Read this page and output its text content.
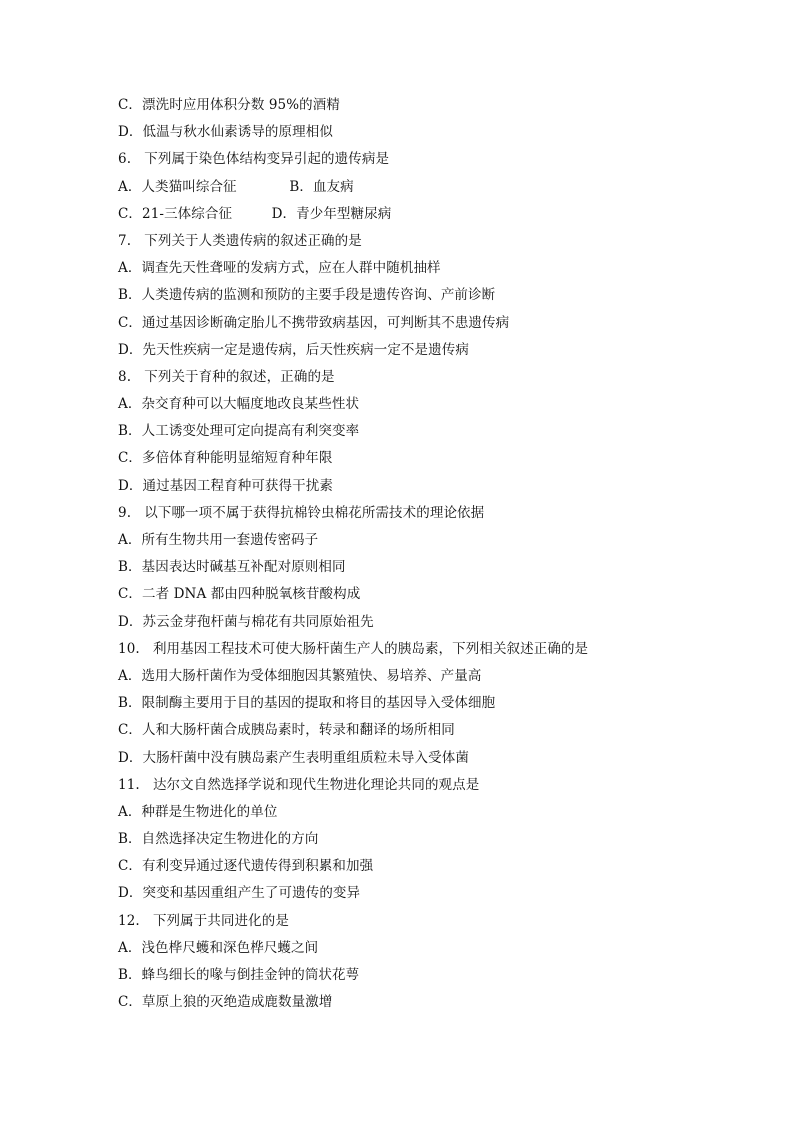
C．漂洗时应用体积分数 95%的酒精
D．低温与秋水仙素诱导的原理相似
6.   下列属于染色体结构变异引起的遗传病是
A．人类猫叫综合征            B．血友病
C．21-三体综合征         D．青少年型糖尿病
7.   下列关于人类遗传病的叙述正确的是
A．调查先天性聋哑的发病方式，应在人群中随机抽样
B．人类遗传病的监测和预防的主要手段是遗传咨询、产前诊断
C．通过基因诊断确定胎儿不携带致病基因，可判断其不患遗传病
D．先天性疾病一定是遗传病，后天性疾病一定不是遗传病
8.   下列关于育种的叙述，正确的是
A．杂交育种可以大幅度地改良某些性状
B．人工诱变处理可定向提高有利突变率
C．多倍体育种能明显缩短育种年限
D．通过基因工程育种可获得干扰素
9.   以下哪一项不属于获得抗棉铃虫棉花所需技术的理论依据
A．所有生物共用一套遗传密码子
B．基因表达时碱基互补配对原则相同
C．二者 DNA 都由四种脱氧核苷酸构成
D．苏云金芽孢杆菌与棉花有共同原始祖先
10.   利用基因工程技术可使大肠杆菌生产人的胰岛素，下列相关叙述正确的是
A．选用大肠杆菌作为受体细胞因其繁殖快、易培养、产量高
B．限制酶主要用于目的基因的提取和将目的基因导入受体细胞
C．人和大肠杆菌合成胰岛素时，转录和翻译的场所相同
D．大肠杆菌中没有胰岛素产生表明重组质粒未导入受体菌
11.   达尔文自然选择学说和现代生物进化理论共同的观点是
A．种群是生物进化的单位
B．自然选择决定生物进化的方向
C．有利变异通过逐代遗传得到积累和加强
D．突变和基因重组产生了可遗传的变异
12.   下列属于共同进化的是
A．浅色桦尺蠖和深色桦尺蠖之间
B．蜂鸟细长的喙与倒挂金钟的筒状花萼
C．草原上狼的灭绝造成鹿数量激增
